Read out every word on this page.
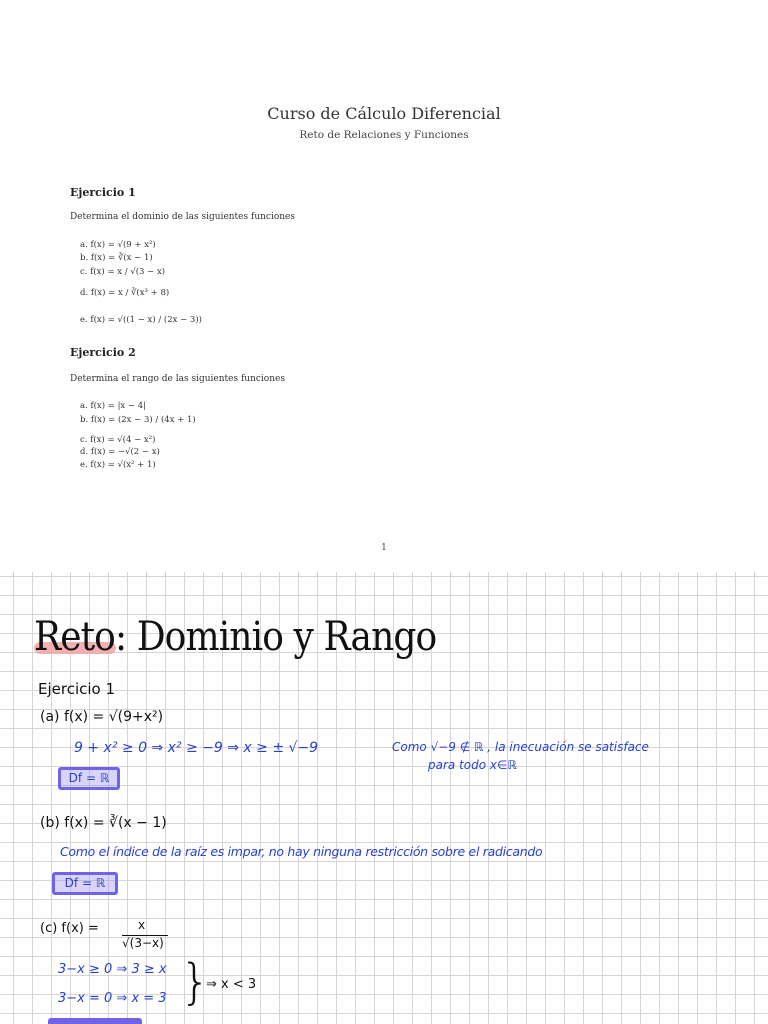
Curso de Cálculo Diferencial
Reto de Relaciones y Funciones
Ejercicio 1
Determina el dominio de las siguientes funciones
a. f(x) = √(9 + x²)
b. f(x) = ∛(x − 1)
c. f(x) = x / √(3 − x)
d. f(x) = x / ∛(x³ + 8)
e. f(x) = √((1 − x) / (2x − 3))
Ejercicio 2
Determina el rango de las siguientes funciones
a. f(x) = |x − 4|
b. f(x) = (2x − 3) / (4x + 1)
c. f(x) = √(4 − x²)
d. f(x) = −√(2 − x)
e. f(x) = √(x² + 1)
1
Reto: Dominio y Rango
Ejercicio 1
(a) f(x) = √(9+x²)
9 + x² ≥ 0 ⇒ x² ≥ −9 ⇒ x ≥ ± √−9	Como √−9 ∉ ℝ , la inecuación se satisface
para todo x∈ℝ
Df = ℝ
(b) f(x) = ∛(x − 1)
Como el índice de la raíz es impar, no hay ninguna restricción sobre el radicando
Df = ℝ
(c) f(x) =	x
√(3−x)
3−x ≥ 0 ⇒ 3 ≥ x
3−x = 0 ⇒ x = 3 }
⇒ x < 3
